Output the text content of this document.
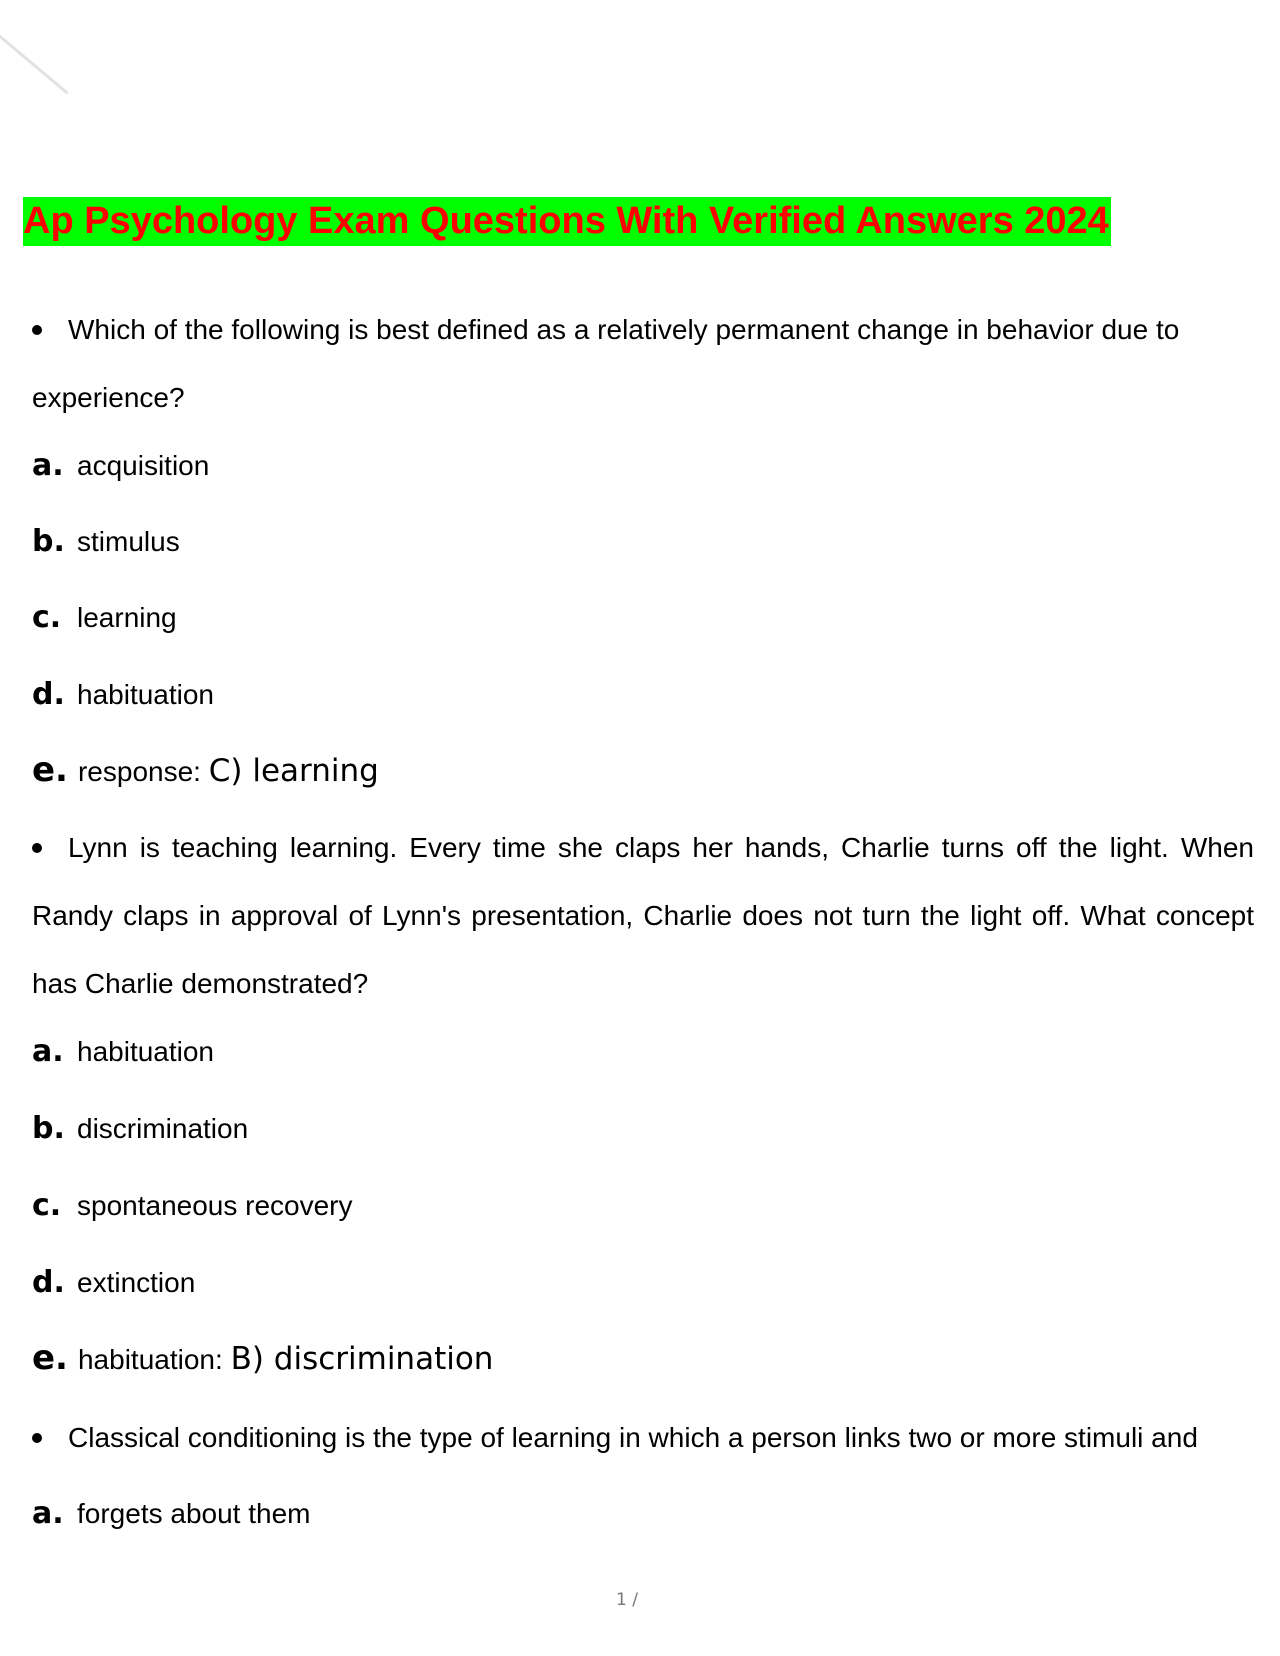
Ap Psychology Exam Questions With Verified Answers 2024
Which of the following is best defined as a relatively permanent change in behavior due to experience?
a. acquisition
b. stimulus
c. learning
d. habituation
e. response: C) learning
Lynn is teaching learning. Every time she claps her hands, Charlie turns off the light. When Randy claps in approval of Lynn's presentation, Charlie does not turn the light off. What concept has Charlie demonstrated?
a. habituation
b. discrimination
c. spontaneous recovery
d. extinction
e. habituation: B) discrimination
Classical conditioning is the type of learning in which a person links two or more stimuli and
a. forgets about them
1 /
